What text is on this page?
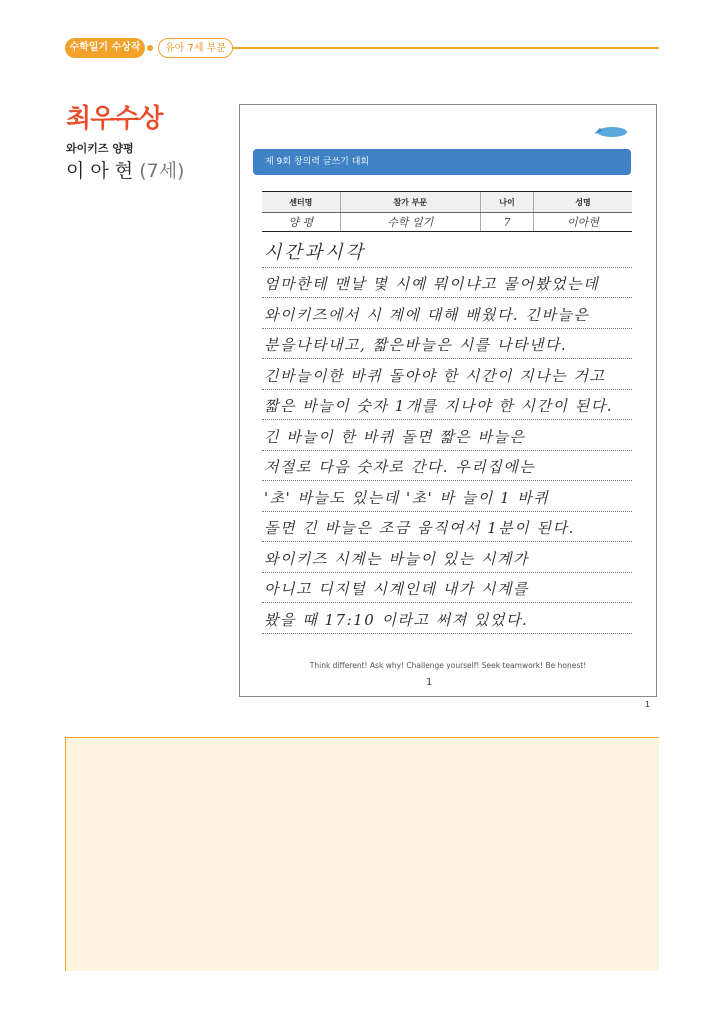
수학일기 수상작	유아 7세 부문
최우수상
와이키즈 양평
이 아 현 (7세)	제 9회 창의력 글쓰기 대회
센터명	참가 부문	나이	성명
양 평	수학 일기	7	이아현
시간과시각
엄마한테 맨날 몇 시예 뭐이냐고 물어봤었는데
와이키즈에서 시 계에 대해 배웠다. 긴바늘은
분을나타내고, 짧은바늘은 시를 나타낸다.
긴바늘이한 바퀴 돌아야 한 시간이 지나는 거고
짧은 바늘이 숫자 1개를 지나야 한 시간이 된다.
긴 바늘이 한 바퀴 돌면 짧은 바늘은
저절로 다음 숫자로 간다. 우리집에는
'초' 바늘도 있는데 '초' 바 늘이 1 바퀴
돌면 긴 바늘은 조금 움직여서 1분이 된다.
와이키즈 시계는 바늘이 있는 시계가
아니고 디지털 시계인데 내가 시계를
봤을 때 17:10 이라고 써져 있었다.
Think different! Ask why! Challenge yourself! Seek teamwork! Be honest!
1
1
